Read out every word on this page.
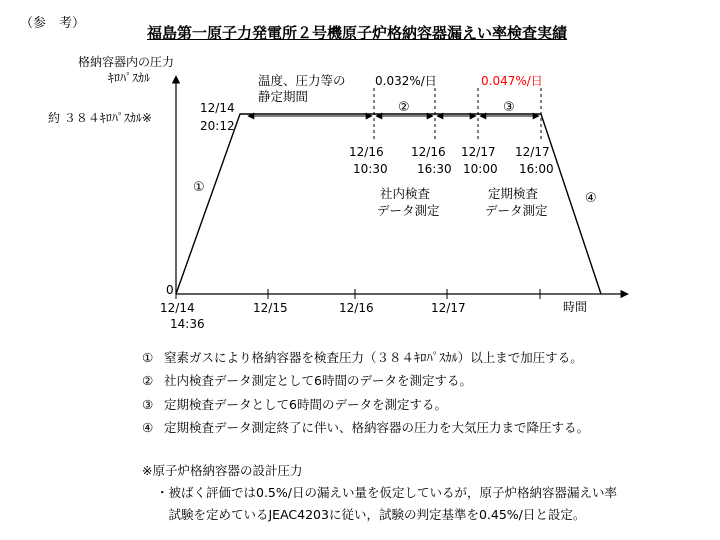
（参　考）
福島第一原子力発電所２号機原子炉格納容器漏えい率検査実績
格納容器内の圧力
ｷﾛﾊﾟｽｶﾙ
0
時間
約 ３８４ｷﾛﾊﾟｽｶﾙ※
12/14
14:36
12/15	12/16	12/17
温度、圧力等の
静定期間
0.032%/日	0.047%/日
②	③
①
④
12/14
20:12
12/16
10:30
12/16
16:30
12/17
10:00
12/17
16:00
社内検査
データ測定
定期検査
データ測定
① 窒素ガスにより格納容器を検査圧力（３８４ｷﾛﾊﾟｽｶﾙ）以上まで加圧する。
② 社内検査データ測定として6時間のデータを測定する。
③ 定期検査データとして6時間のデータを測定する。
④ 定期検査データ測定終了に伴い、格納容器の圧力を大気圧力まで降圧する。
※原子炉格納容器の設計圧力
・被ばく評価では0.5%/日の漏えい量を仮定しているが，原子炉格納容器漏えい率
　試験を定めているJEAC4203に従い，試験の判定基準を0.45%/日と設定。
